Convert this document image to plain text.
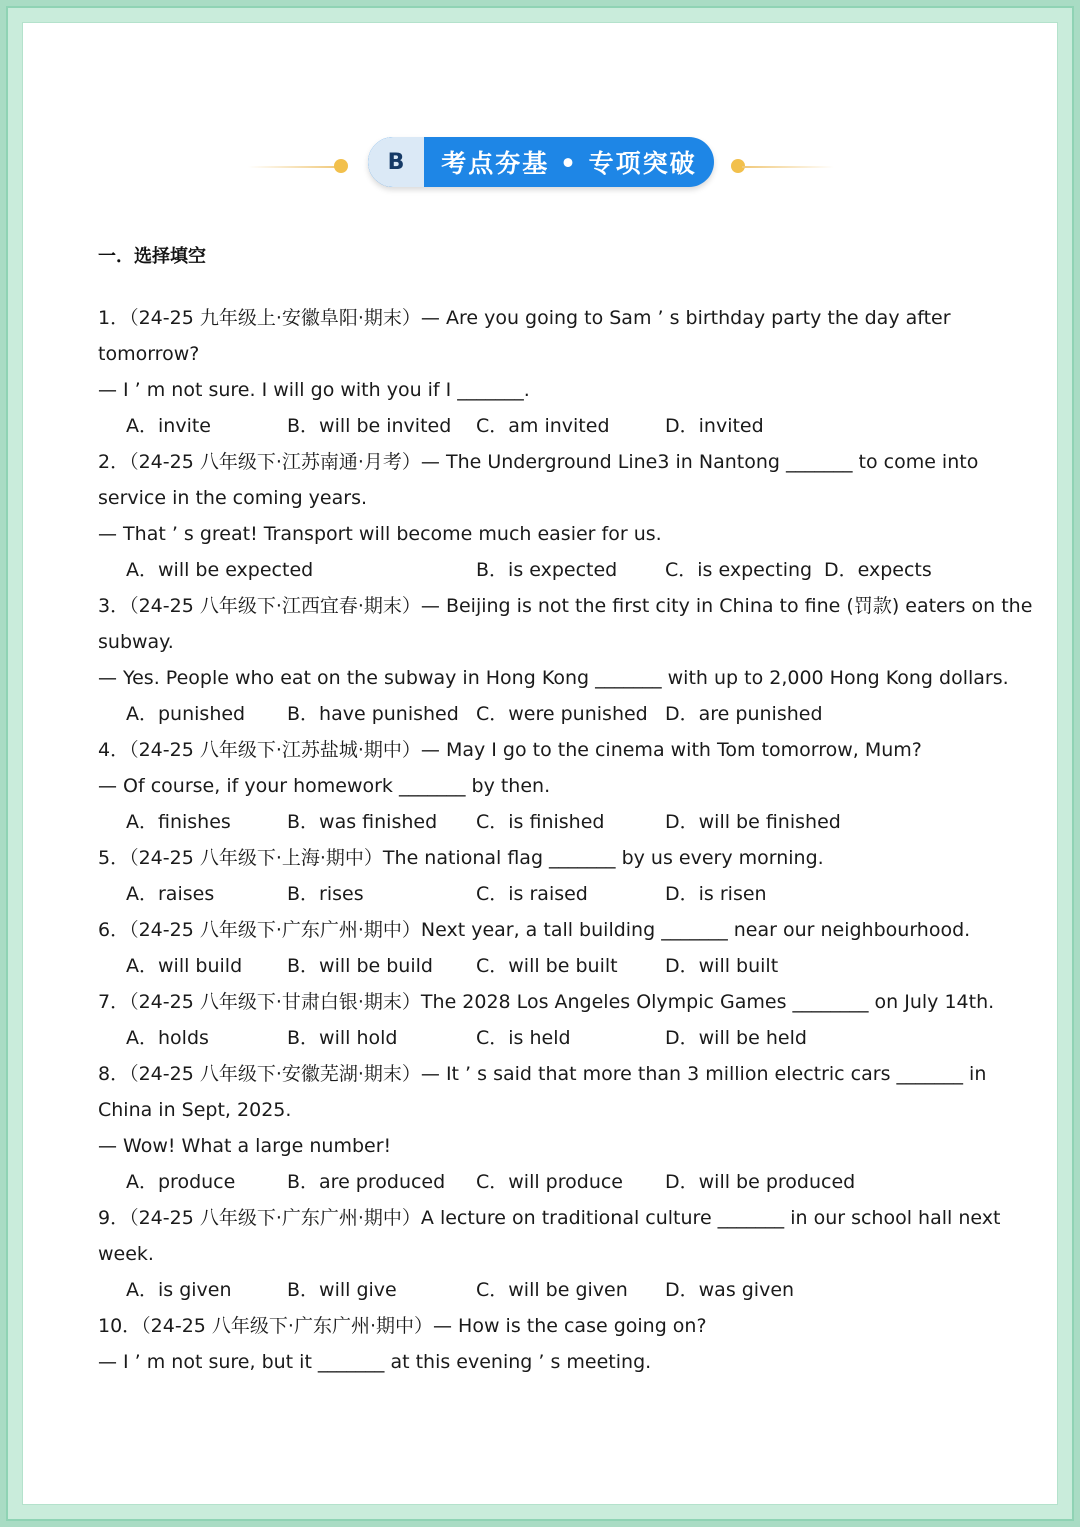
B	考点夯基 • 专项突破
一．选择填空
1．（24-25 九年级上·安徽阜阳·期末）— Are you going to Sam ’ s birthday party the day after
tomorrow?
— I ’ m not sure. I will go with you if I _______.
A．invite	B．will be invited C．am invited	D．invited
2．（24-25 八年级下·江苏南通·月考）— The Underground Line3 in Nantong _______ to come into
service in the coming years.
— That ’ s great! Transport will become much easier for us.
A．will be expected	B．is expected	C．is expecting D．expects
3．（24-25 八年级下·江西宜春·期末）— Beijing is not the first city in China to fine (罚款) eaters on the
subway.
— Yes. People who eat on the subway in Hong Kong _______ with up to 2,000 Hong Kong dollars.
A．punished B．have punished C．were punished D．are punished
4．（24-25 八年级下·江苏盐城·期中）— May I go to the cinema with Tom tomorrow, Mum?
— Of course, if your homework _______ by then.
A．finishes	B．was finished C．is finished	D．will be finished
5．（24-25 八年级下·上海·期中）The national flag _______ by us every morning.
A．raises	B．rises	C．is raised	D．is risen
6．（24-25 八年级下·广东广州·期中）Next year, a tall building _______ near our neighbourhood.
A．will build B．will be build C．will be built D．will built
7．（24-25 八年级下·甘肃白银·期末）The 2028 Los Angeles Olympic Games ________ on July 14th.
A．holds	B．will hold	C．is held	D．will be held
8．（24-25 八年级下·安徽芜湖·期末）— It ’ s said that more than 3 million electric cars _______ in
China in Sept, 2025.
— Wow! What a large number!
A．produce	B．are produced C．will produce D．will be produced
9．（24-25 八年级下·广东广州·期中）A lecture on traditional culture _______ in our school hall next
week.
A．is given	B．will give	C．will be given D．was given
10．（24-25 八年级下·广东广州·期中）— How is the case going on?
— I ’ m not sure, but it _______ at this evening ’ s meeting.
